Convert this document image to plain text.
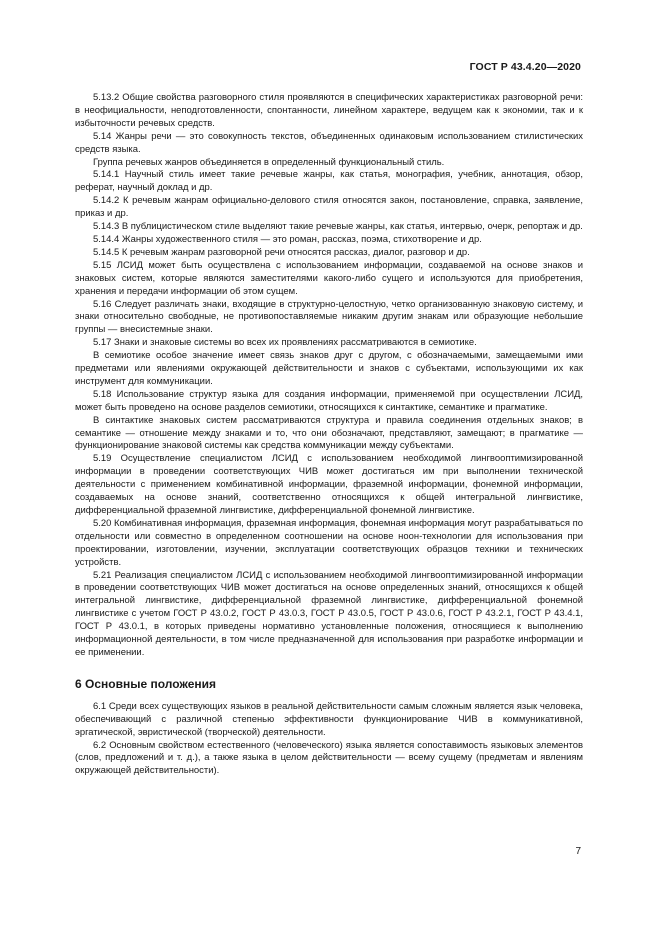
ГОСТ Р 43.4.20—2020

5.13.2 Общие свойства разговорного стиля проявляются в специфических характеристиках разговорной речи: в неофициальности, неподготовленности, спонтанности, линейном характере, ведущем как к экономии, так и к избыточности речевых средств.

5.14 Жанры речи — это совокупность текстов, объединенных одинаковым использованием стилистических средств языка.

Группа речевых жанров объединяется в определенный функциональный стиль.

5.14.1 Научный стиль имеет такие речевые жанры, как статья, монография, учебник, аннотация, обзор, реферат, научный доклад и др.

5.14.2 К речевым жанрам официально-делового стиля относятся закон, постановление, справка, заявление, приказ и др.

5.14.3 В публицистическом стиле выделяют такие речевые жанры, как статья, интервью, очерк, репортаж и др.

5.14.4 Жанры художественного стиля — это роман, рассказ, поэма, стихотворение и др.

5.14.5 К речевым жанрам разговорной речи относятся рассказ, диалог, разговор и др.

5.15 ЛСИД может быть осуществлена с использованием информации, создаваемой на основе знаков и знаковых систем, которые являются заместителями какого-либо сущего и используются для приобретения, хранения и передачи информации об этом сущем.

5.16 Следует различать знаки, входящие в структурно-целостную, четко организованную знаковую систему, и знаки относительно свободные, не противопоставляемые никаким другим знакам или образующие небольшие группы — внесистемные знаки.

5.17 Знаки и знаковые системы во всех их проявлениях рассматриваются в семиотике.

В семиотике особое значение имеет связь знаков друг с другом, с обозначаемыми, замещаемыми ими предметами или явлениями окружающей действительности и знаков с субъектами, использующими их как инструмент для коммуникации.

5.18 Использование структур языка для создания информации, применяемой при осуществлении ЛСИД, может быть проведено на основе разделов семиотики, относящихся к синтактике, семантике и прагматике.

В синтактике знаковых систем рассматриваются структура и правила соединения отдельных знаков; в семантике — отношение между знаками и то, что они обозначают, представляют, замещают; в прагматике — функционирование знаковой системы как средства коммуникации между субъектами.

5.19 Осуществление специалистом ЛСИД с использованием необходимой лингвооптимизированной информации в проведении соответствующих ЧИВ может достигаться им при выполнении технической деятельности с применением комбинативной информации, фраземной информации, фонемной информации, создаваемых на основе знаний, соответственно относящихся к общей интегральной лингвистике, дифференциальной фраземной лингвистике, дифференциальной фонемной лингвистике.

5.20 Комбинативная информация, фраземная информация, фонемная информация могут разрабатываться по отдельности или совместно в определенном соотношении на основе ноон-технологии для использования при проектировании, изготовлении, изучении, эксплуатации соответствующих образцов техники и технических устройств.

5.21 Реализация специалистом ЛСИД с использованием необходимой лингвооптимизированной информации в проведении соответствующих ЧИВ может достигаться на основе определенных знаний, относящихся к общей интегральной лингвистике, дифференциальной фраземной лингвистике, дифференциальной фонемной лингвистике с учетом ГОСТ Р 43.0.2, ГОСТ Р 43.0.3, ГОСТ Р 43.0.5, ГОСТ Р 43.0.6, ГОСТ Р 43.2.1, ГОСТ Р 43.4.1, ГОСТ Р 43.0.1, в которых приведены нормативно установленные положения, относящиеся к выполнению информационной деятельности, в том числе предназначенной для использования при разработке информации и ее применении.

6 Основные положения

6.1 Среди всех существующих языков в реальной действительности самым сложным является язык человека, обеспечивающий с различной степенью эффективности функционирование ЧИВ в коммуникативной, эргатической, эвристической (творческой) деятельности.

6.2 Основным свойством естественного (человеческого) языка является сопоставимость языковых элементов (слов, предложений и т. д.), а также языка в целом действительности — всему сущему (предметам и явлениям окружающей действительности).

7
